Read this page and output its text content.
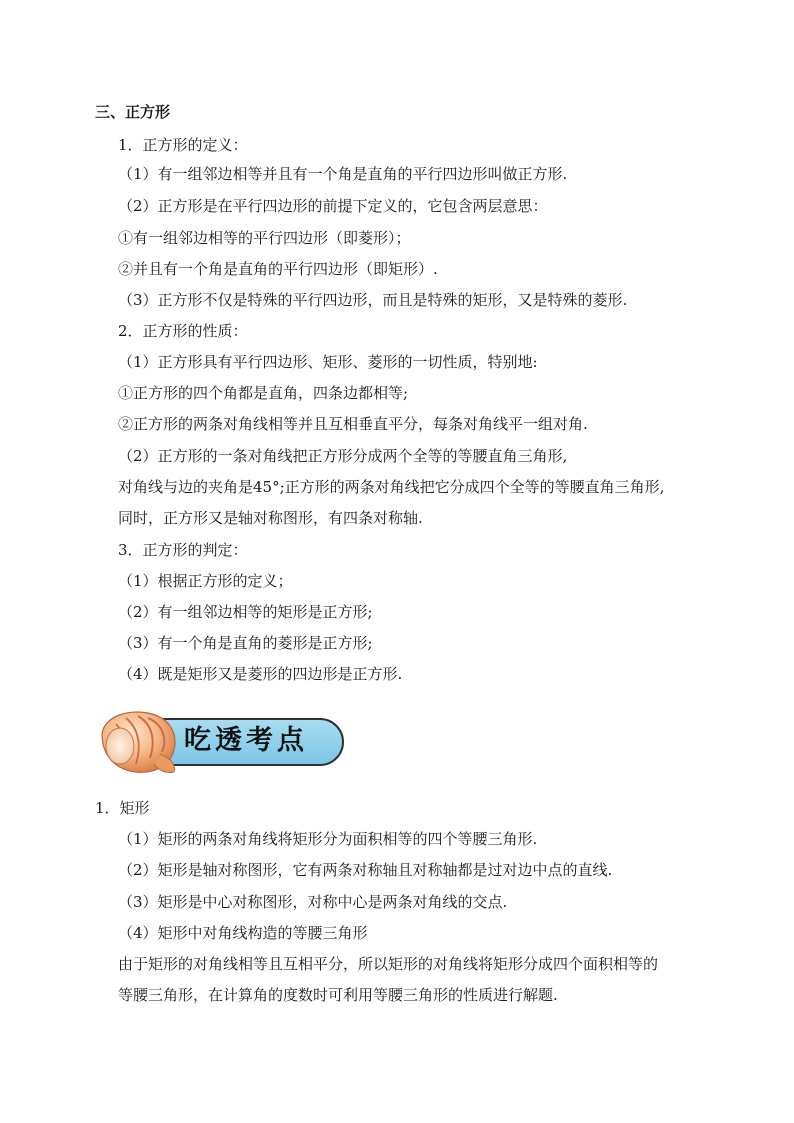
三、正方形
1．正方形的定义：
（1）有一组邻边相等并且有一个角是直角的平行四边形叫做正方形.
（2）正方形是在平行四边形的前提下定义的，它包含两层意思：
①有一组邻边相等的平行四边形（即菱形）；
②并且有一个角是直角的平行四边形（即矩形）.
（3）正方形不仅是特殊的平行四边形，而且是特殊的矩形，又是特殊的菱形.
2．正方形的性质：
（1）正方形具有平行四边形、矩形、菱形的一切性质，特别地:
①正方形的四个角都是直角，四条边都相等;
②正方形的两条对角线相等并且互相垂直平分，每条对角线平一组对角.
（2）正方形的一条对角线把正方形分成两个全等的等腰直角三角形,
对角线与边的夹角是45°;正方形的两条对角线把它分成四个全等的等腰直角三角形,
同时，正方形又是轴对称图形，有四条对称轴.
3．正方形的判定：
（1）根据正方形的定义；
（2）有一组邻边相等的矩形是正方形;
（3）有一个角是直角的菱形是正方形;
（4）既是矩形又是菱形的四边形是正方形.
吃透考点
1．矩形
（1）矩形的两条对角线将矩形分为面积相等的四个等腰三角形.
（2）矩形是轴对称图形，它有两条对称轴且对称轴都是过对边中点的直线.
（3）矩形是中心对称图形，对称中心是两条对角线的交点.
（4）矩形中对角线构造的等腰三角形
由于矩形的对角线相等且互相平分，所以矩形的对角线将矩形分成四个面积相等的
等腰三角形，在计算角的度数时可利用等腰三角形的性质进行解题.
